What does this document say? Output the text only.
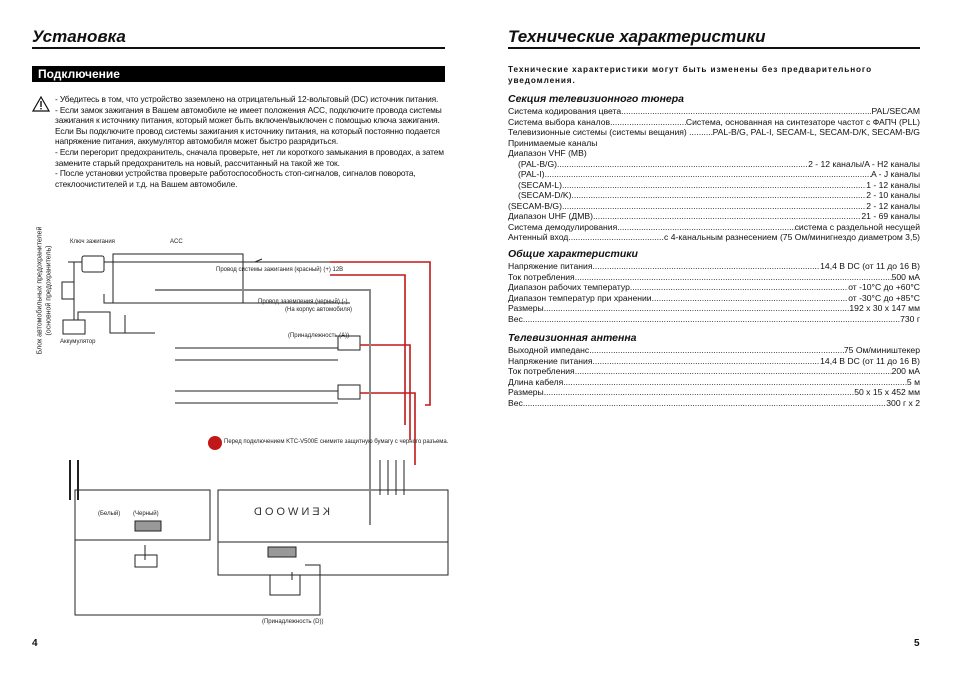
Установка
Подключение

- Убедитесь в том, что устройство заземлено на отрицательный 12-вольтовый (DC) источник питания.

- Если замок зажигания в Вашем автомобиле не имеет положения ACC, подключите провода системы зажигания к источнику питания, который может быть включен/выключен с помощью ключа зажигания. Если Вы подключите провод системы зажигания к источнику питания, на который постоянно подается напряжение питания, аккумулятор автомобиля может быстро разрядиться.

- Если перегорит предохранитель, сначала проверьте, нет ли короткого замыкания в проводах, а затем замените старый предохранитель на новый, рассчитанный на такой же ток.

- После установки устройства проверьте работоспособность стоп-сигналов, сигналов поворота, стеклоочистителей и т.д. на Вашем автомобиле.

Ключ зажигания	ACC
Аккумулятор
Провод системы зажигания (красный) (+) 12В
Провод заземления (черный) (-)
(На корпус автомобиля)
(Принадлежность (A))
Перед подключением KTC-V500E снимите защитную бумагу с черного разъема.
(Белый) (Черный)	KENWOOD
(Принадлежность (D))
Блок автомобильных предохранителей (основной предохранитель)
4
Технические характеристики
Технические характеристики могут быть изменены без предварительного уведомления.

Секция телевизионного тюнера

Система кодирования цвета .....	PAL/SECAM
Система выбора каналов .....	Система, основанная на синтезаторе частот с ФАПЧ (PLL)
Телевизионные системы (системы вещания) . ..... PAL-B/G, PAL-I, SECAM-L, SECAM-D/K, SECAM-B/G
Принимаемые каналы
Диапазон VHF (МВ)
(PAL-B/G) .....	2 - 12 каналы/A - H2 каналы
(PAL-I) .....	A - J каналы
(SECAM-L) .....	1 - 12 каналы
(SECAM-D/K) .....	2 - 10 каналы
(SECAM-B/G) .....	2 - 12 каналы
Диапазон UHF (ДМВ) .....	21 - 69 каналы
Система демодулирования .....	система с раздельной несущей
Антенный вход .....	с 4-канальным разнесением (75 Ом/минигнездо диаметром 3,5)

Общие характеристики

Напряжение питания .....	14,4 В DC (от 11 до 16 В)
Ток потребления .....	500 мА
Диапазон рабочих температур .....	от -10°C до +60°C
Диапазон температур при хранении .....	от -30°C до +85°C
Размеры .....	192 x 30 x 147 мм
Вес .....	730 г

Телевизионная антенна

Выходной импеданс .....	75 Ом/миништекер
Напряжение питания .....	14,4 В DC (от 11 до 16 В)
Ток потребления .....	200 мА
Длина кабеля .....	5 м
Размеры .....	50 x 15 x 452 мм
Вес .....	300 г x 2
5
